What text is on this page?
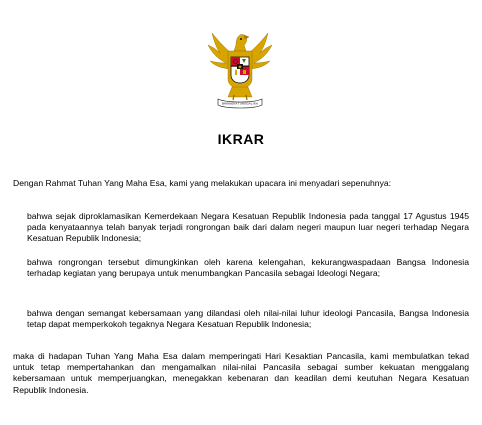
BHINNEKA TUNGGAL IKA
IKRAR

Dengan Rahmat Tuhan Yang Maha Esa, kami yang melakukan upacara ini menyadari sepenuhnya:

bahwa sejak diproklamasikan Kemerdekaan Negara Kesatuan Republik Indonesia pada tanggal 17 Agustus 1945 pada kenyataannya telah banyak terjadi rongrongan baik dari dalam negeri maupun luar negeri terhadap Negara Kesatuan Republik Indonesia;

bahwa rongrongan tersebut dimungkinkan oleh karena kelengahan, kekurangwaspadaan Bangsa Indonesia terhadap kegiatan yang berupaya untuk menumbangkan Pancasila sebagai Ideologi Negara;

bahwa dengan semangat kebersamaan yang dilandasi oleh nilai-nilai luhur ideologi Pancasila, Bangsa Indonesia tetap dapat memperkokoh tegaknya Negara Kesatuan Republik Indonesia;

maka di hadapan Tuhan Yang Maha Esa dalam memperingati Hari Kesaktian Pancasila, kami membulatkan tekad untuk tetap mempertahankan dan mengamalkan nilai-nilai Pancasila sebagai sumber kekuatan menggalang kebersamaan untuk memperjuangkan, menegakkan kebenaran dan keadilan demi keutuhan Negara Kesatuan Republik Indonesia.
